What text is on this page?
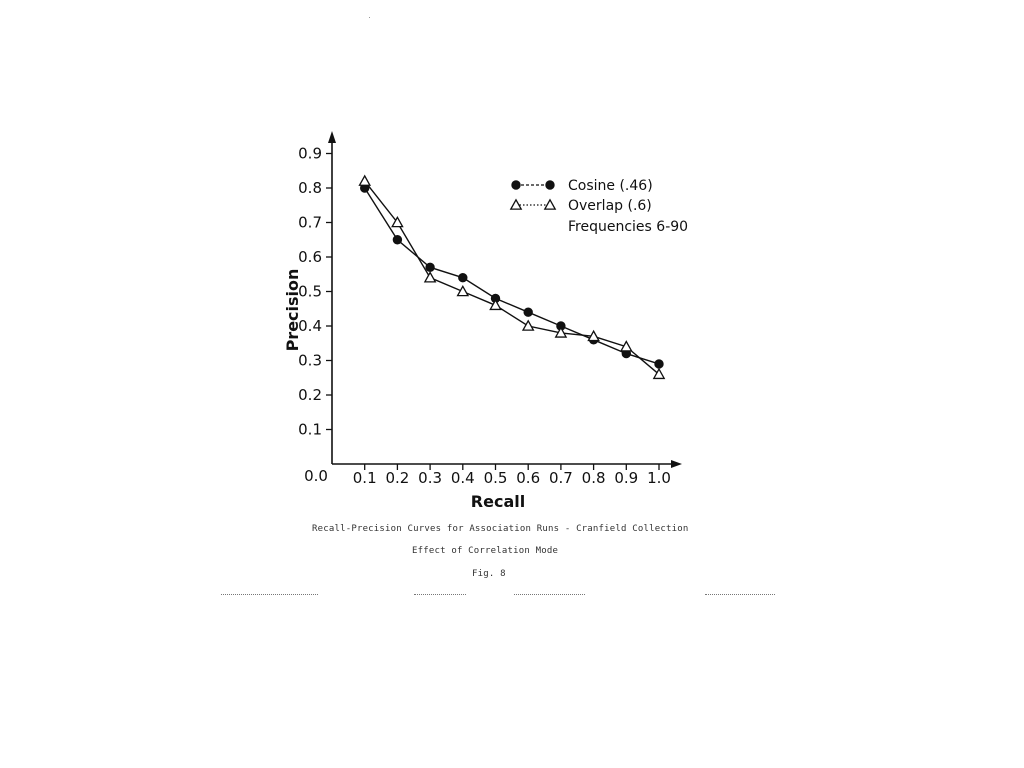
0.1 0.2 0.3 0.4 0.5 0.6 0.7 0.8 0.9 1.0
0.1
0.2
0.3
0.4
0.5
0.6
0.7
0.8
0.9
0.0
Recall
Precision
Cosine (.46)
Overlap (.6)
Frequencies 6-90
Recall-Precision Curves for Association Runs - Cranfield Collection
Effect of Correlation Mode
Fig. 8
